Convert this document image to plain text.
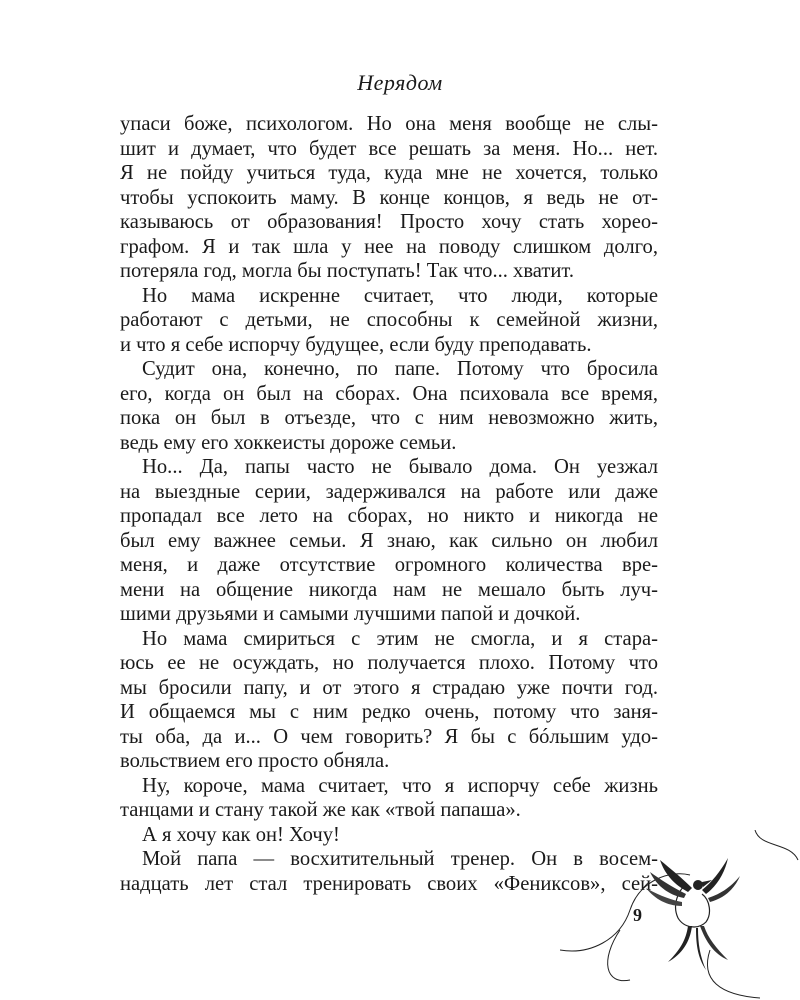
Нерядом
упаси боже, психологом. Но она меня вообще не слы-
шит и думает, что будет все решать за меня. Но... нет.
Я не пойду учиться туда, куда мне не хочется, только
чтобы успокоить маму. В конце концов, я ведь не от-
казываюсь от образования! Просто хочу стать хорео-
графом. Я и так шла у нее на поводу слишком долго,
потеряла год, могла бы поступать! Так что... хватит.
Но мама искренне считает, что люди, которые
работают с детьми, не способны к семейной жизни,
и что я себе испорчу будущее, если буду преподавать.
Судит она, конечно, по папе. Потому что бросила
его, когда он был на сборах. Она психовала все время,
пока он был в отъезде, что с ним невозможно жить,
ведь ему его хоккеисты дороже семьи.
Но... Да, папы часто не бывало дома. Он уезжал
на выездные серии, задерживался на работе или даже
пропадал все лето на сборах, но никто и никогда не
был ему важнее семьи. Я знаю, как сильно он любил
меня, и даже отсутствие огромного количества вре-
мени на общение никогда нам не мешало быть луч-
шими друзьями и самыми лучшими папой и дочкой.
Но мама смириться с этим не смогла, и я стара-
юсь ее не осуждать, но получается плохо. Потому что
мы бросили папу, и от этого я страдаю уже почти год.
И общаемся мы с ним редко очень, потому что заня-
ты оба, да и... О чем говорить? Я бы с бóльшим удо-
вольствием его просто обняла.
Ну, короче, мама считает, что я испорчу себе жизнь
танцами и стану такой же как «твой папаша».
А я хочу как он! Хочу!
Мой папа — восхитительный тренер. Он в восем-
надцать лет стал тренировать своих «Фениксов», сей-
9
